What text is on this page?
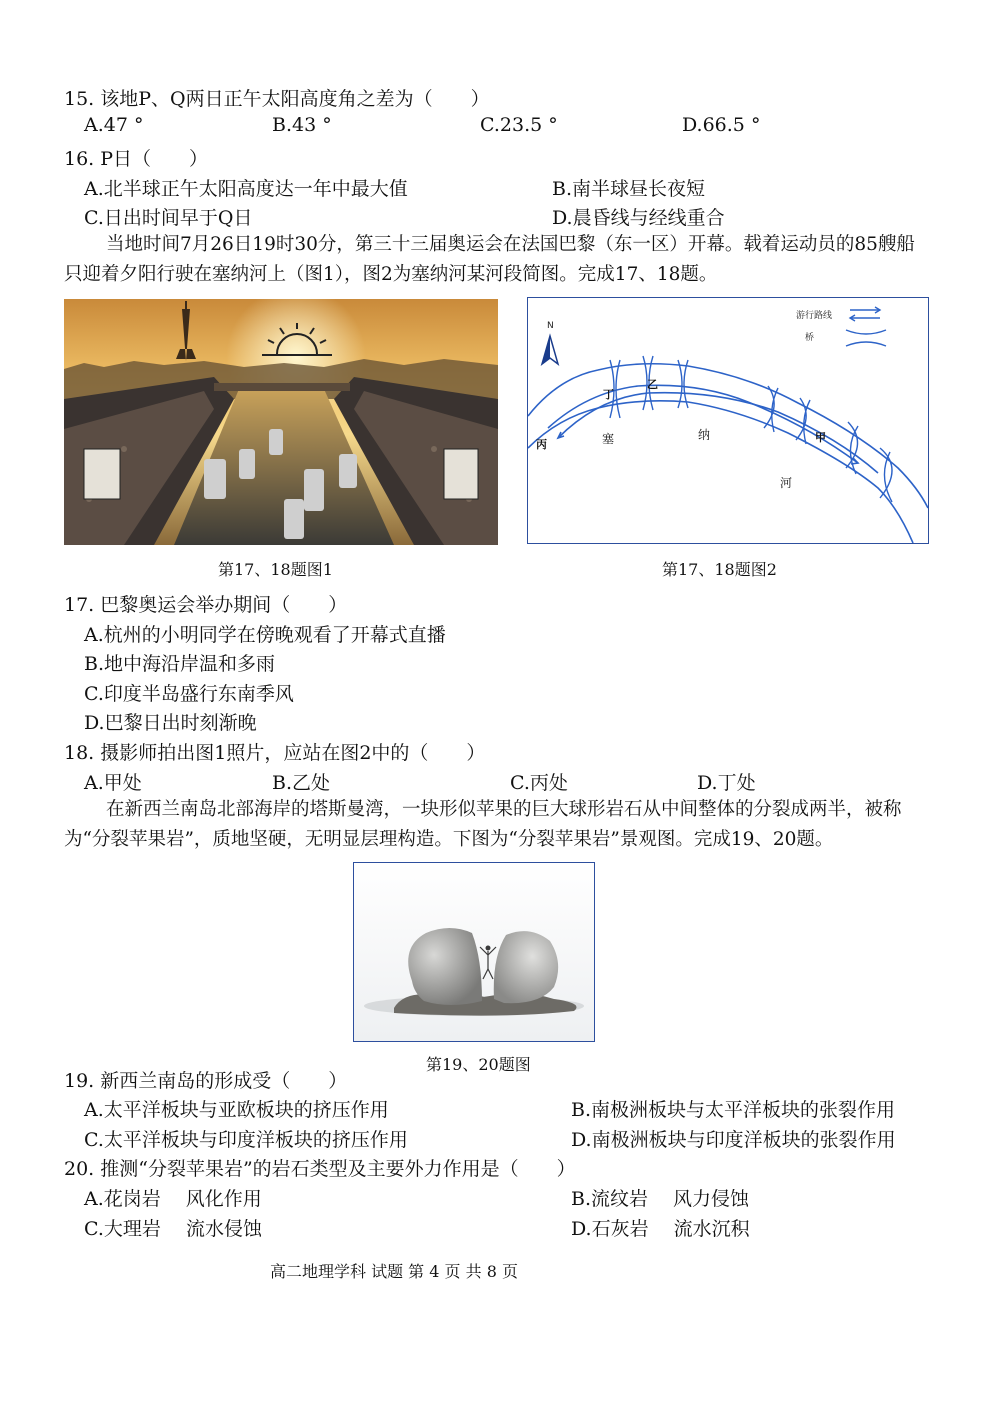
15. 该地P、Q两日正午太阳高度角之差为（　　）
A.47 °	B.43 °	C.23.5 °	D.66.5 °
16. P日（　　）
A.北半球正午太阳高度达一年中最大值	B.南半球昼长夜短
C.日出时间早于Q日	D.晨昏线与经线重合
当地时间7月26日19时30分，第三十三届奥运会在法国巴黎（东一区）开幕。载着运动员的85艘船只迎着夕阳行驶在塞纳河上（图1），图2为塞纳河某河段简图。完成17、18题。
第17、18题图1
N
游行路线
桥
丁
乙
丙
甲
塞	纳
河
第17、18题图2
17. 巴黎奥运会举办期间（　　）
A.杭州的小明同学在傍晚观看了开幕式直播
B.地中海沿岸温和多雨
C.印度半岛盛行东南季风
D.巴黎日出时刻渐晚
18. 摄影师拍出图1照片，应站在图2中的（　　）
A.甲处	B.乙处	C.丙处	D.丁处
在新西兰南岛北部海岸的塔斯曼湾，一块形似苹果的巨大球形岩石从中间整体的分裂成两半，被称为“分裂苹果岩”，质地坚硬，无明显层理构造。下图为“分裂苹果岩”景观图。完成19、20题。
第19、20题图
19. 新西兰南岛的形成受（　　）
A.太平洋板块与亚欧板块的挤压作用	B.南极洲板块与太平洋板块的张裂作用
C.太平洋板块与印度洋板块的挤压作用	D.南极洲板块与印度洋板块的张裂作用
20. 推测“分裂苹果岩”的岩石类型及主要外力作用是（　　）
A.花岗岩　 风化作用	B.流纹岩　 风力侵蚀
C.大理岩　 流水侵蚀	D.石灰岩　 流水沉积
高二地理学科 试题 第 4 页 共 8 页
